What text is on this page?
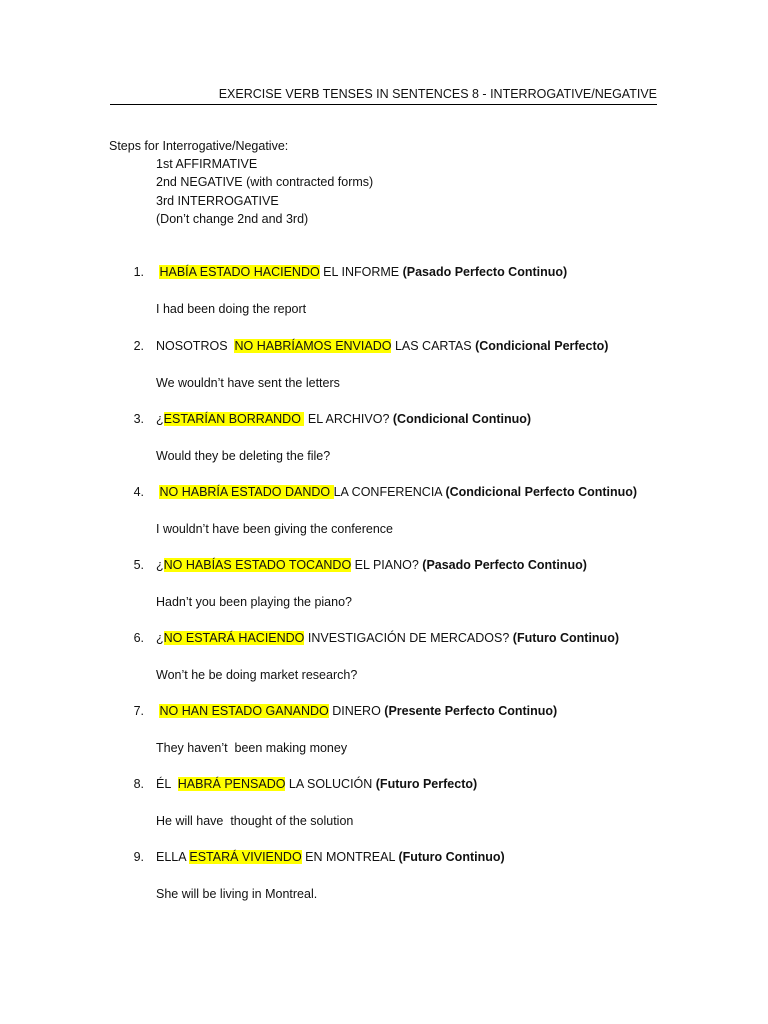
EXERCISE VERB TENSES IN SENTENCES 8 - INTERROGATIVE/NEGATIVE
Steps for Interrogative/Negative:
1st AFFIRMATIVE
2nd NEGATIVE (with contracted forms)
3rd INTERROGATIVE
(Don’t change 2nd and 3rd)
1. HABÍA ESTADO HACIENDO EL INFORME (Pasado Perfecto Continuo)
I had been doing the report
2. NOSOTROS  NO HABRÍAMOS ENVIADO LAS CARTAS (Condicional Perfecto)
We wouldn’t have sent the letters
3. ¿ESTARÍAN BORRANDO  EL ARCHIVO? (Condicional Continuo)
Would they be deleting the file?
4. NO HABRÍA ESTADO DANDO LA CONFERENCIA (Condicional Perfecto Continuo)
I wouldn’t have been giving the conference
5. ¿NO HABÍAS ESTADO TOCANDO EL PIANO? (Pasado Perfecto Continuo)
Hadn’t you been playing the piano?
6. ¿NO ESTARÁ HACIENDO INVESTIGACIÓN DE MERCADOS? (Futuro Continuo)
Won’t he be doing market research?
7. NO HAN ESTADO GANANDO DINERO (Presente Perfecto Continuo)
They haven’t  been making money
8. ÉL  HABRÁ PENSADO LA SOLUCIÓN (Futuro Perfecto)
He will have  thought of the solution
9. ELLA ESTARÁ VIVIENDO EN MONTREAL (Futuro Continuo)
She will be living in Montreal.
